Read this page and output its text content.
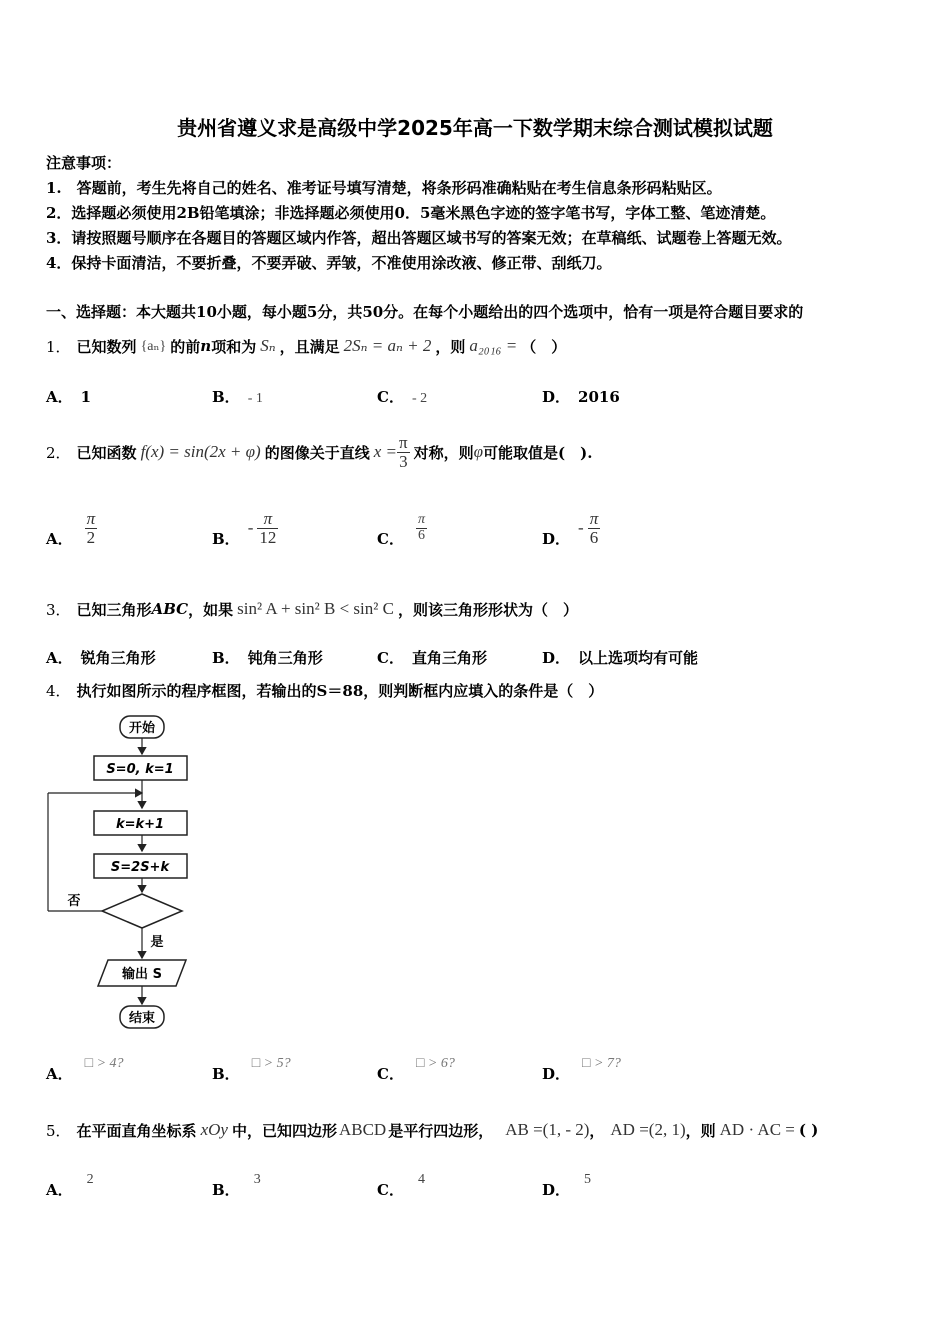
贵州省遵义求是高级中学2025年高一下数学期末综合测试模拟试题
注意事项：
1.　答题前，考生先将自己的姓名、准考证号填写清楚，将条形码准确粘贴在考生信息条形码粘贴区。
2．选择题必须使用2B铅笔填涂；非选择题必须使用0．5毫米黑色字迹的签字笔书写，字体工整、笔迹清楚。
3．请按照题号顺序在各题目的答题区域内作答，超出答题区域书写的答案无效；在草稿纸、试题卷上答题无效。
4．保持卡面清洁，不要折叠，不要弄破、弄皱，不准使用涂改液、修正带、刮纸刀。
一、选择题：本大题共10小题，每小题5分，共50分。在每个小题给出的四个选项中，恰有一项是符合题目要求的
1． 已知数列 {aₙ} 的前 n 项和为 Sₙ ，且满足 2Sₙ = aₙ + 2 ，则 a₂₀₁₆ = （　）
A． 1	B． - 1	C． - 2	D． 2016
2． 已知函数 f(x) = sin(2x + φ) 的图像关于直线 $x = \frac{\pi}{3}$ 对称，则 φ 可能取值是(　).
A． $\frac{\pi}{2}$	B．
- $\frac{\pi}{12}$	C． $\frac{\pi}{6}$	D．
- $\frac{\pi}{6}$
3． 已知三角形 ABC ，如果 sin² A + sin² B < sin² C ，则该三角形形状为（　）
A． 锐角三角形	B． 钝角三角形	C． 直角三角形	D． 以上选项均有可能
4． 执行如图所示的程序框图，若输出的S＝88，则判断框内应填入的条件是（　）
开始
S=0, k=1
k=k+1
S=2S+k
否
是
输出 S
结束
A．
□ > 4?
B．
□ > 5?
C．
□ > 6?
D．
□ > 7?
5． 在平面直角坐标系 xOy 中，已知四边形 ABCD 是平行四边形， AB =(1, - 2) ， AD =(2, 1) ，则 AD · AC = ( )
A．
2
B．
3
C．
4
D．
5
